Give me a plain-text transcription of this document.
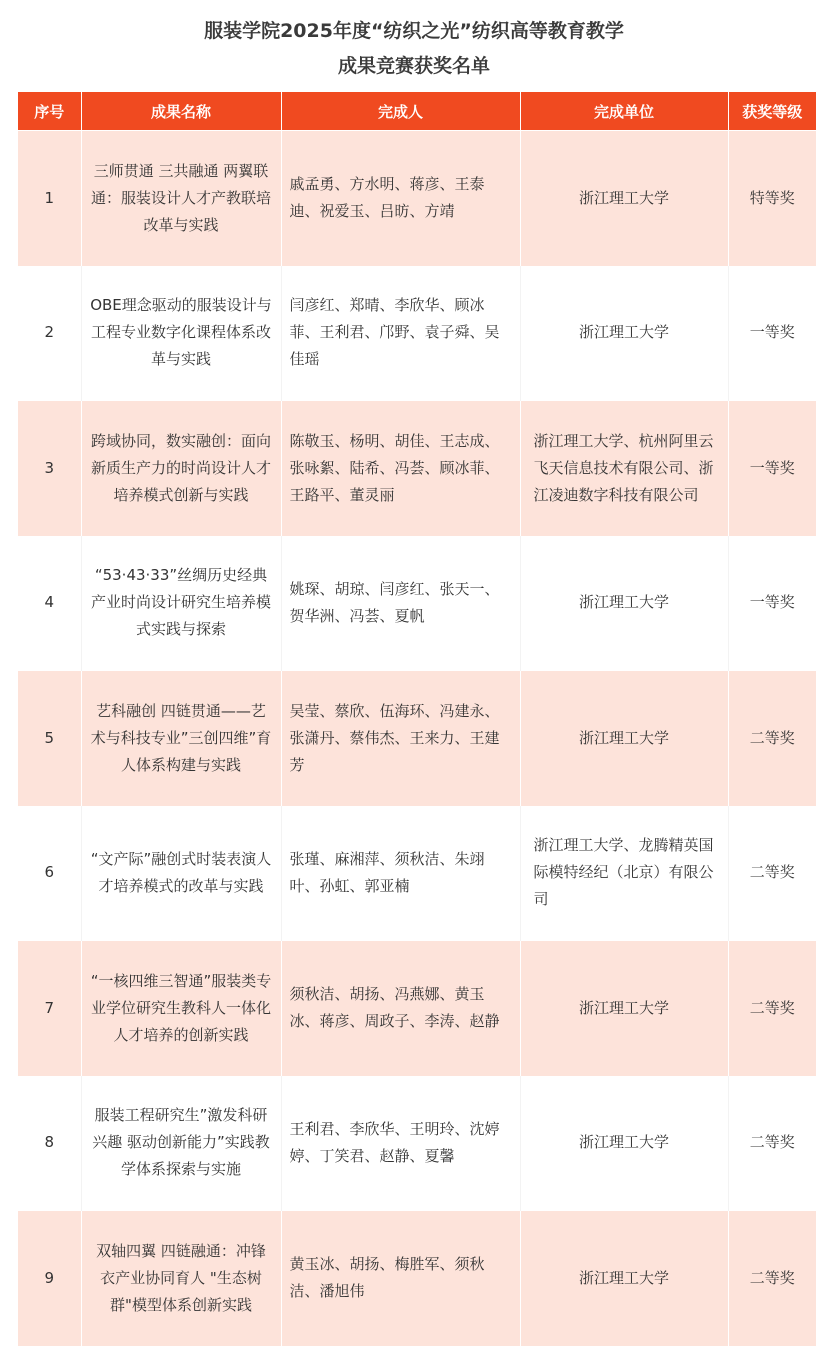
服装学院2025年度“纺织之光”纺织高等教育教学
成果竞赛获奖名单
序号	成果名称	完成人	完成单位	获奖等级
1	三师贯通 三共融通 两翼联通：服装设计人才产教联培改革与实践	戚孟勇、方水明、蒋彦、王泰迪、祝爱玉、吕昉、方靖	浙江理工大学	特等奖
2	OBE理念驱动的服装设计与工程专业数字化课程体系改革与实践	闫彦红、郑晴、李欣华、顾冰菲、王利君、邝野、袁子舜、吴佳瑶	浙江理工大学	一等奖
3	跨域协同，数实融创：面向新质生产力的时尚设计人才培养模式创新与实践	陈敬玉、杨明、胡佳、王志成、张咏絮、陆希、冯荟、顾冰菲、王路平、董灵丽	浙江理工大学、杭州阿里云飞天信息技术有限公司、浙江凌迪数字科技有限公司	一等奖
4	“53·43·33”丝绸历史经典产业时尚设计研究生培养模式实践与探索	姚琛、胡琼、闫彦红、张天一、贺华洲、冯荟、夏帆	浙江理工大学	一等奖
5	艺科融创 四链贯通——艺术与科技专业”三创四维”育人体系构建与实践	吴莹、蔡欣、伍海环、冯建永、张潇丹、蔡伟杰、王来力、王建芳	浙江理工大学	二等奖
6	“文产际”融创式时装表演人才培养模式的改革与实践	张瑾、麻湘萍、须秋洁、朱翊叶、孙虹、郭亚楠	浙江理工大学、龙腾精英国际模特经纪（北京）有限公司	二等奖
7	“一核四维三智通”服装类专业学位研究生教科人一体化人才培养的创新实践	须秋洁、胡扬、冯燕娜、黄玉冰、蒋彦、周政子、李涛、赵静	浙江理工大学	二等奖
8	服装工程研究生”激发科研兴趣 驱动创新能力”实践教学体系探索与实施	王利君、李欣华、王明玲、沈婷婷、丁笑君、赵静、夏馨	浙江理工大学	二等奖
9	双轴四翼 四链融通：冲锋衣产业协同育人 "生态树群"模型体系创新实践	黄玉冰、胡扬、梅胜军、须秋洁、潘旭伟	浙江理工大学	二等奖
